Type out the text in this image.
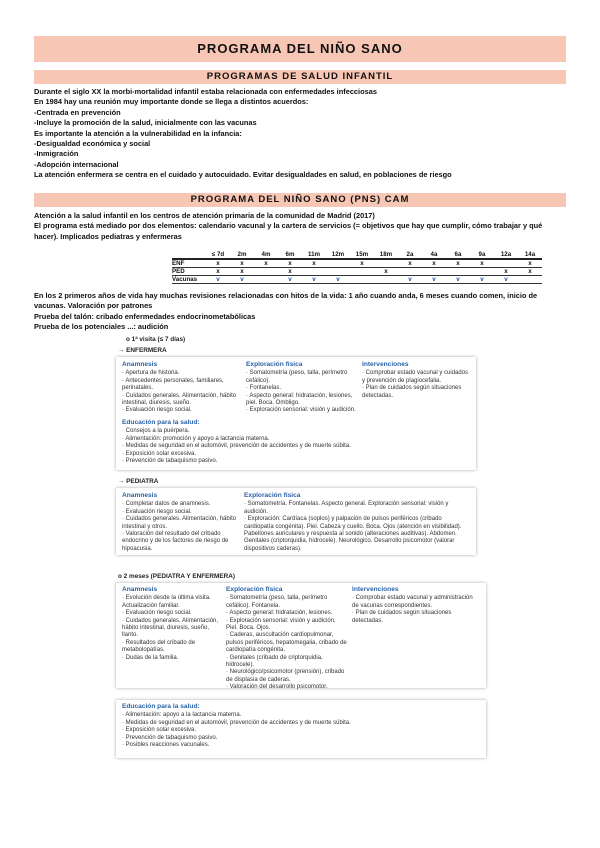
PROGRAMA DEL NIÑO SANO
PROGRAMAS DE SALUD INFANTIL

Durante el siglo XX la morbi-mortalidad infantil estaba relacionada con enfermedades infecciosas

En 1984 hay una reunión muy importante donde se llega a distintos acuerdos:

-Centrada en prevención

-Incluye la promoción de la salud, inicialmente con las vacunas

Es importante la atención a la vulnerabilidad en la infancia:

-Desigualdad económica y social

-Inmigración

-Adopción internacional

La atención enfermera se centra en el cuidado y autocuidado. Evitar desigualdades en salud, en poblaciones de riesgo

PROGRAMA DEL NIÑO SANO (PNS) CAM

Atención a la salud infantil en los centros de atención primaria de la comunidad de Madrid (2017)

El programa está mediado por dos elementos: calendario vacunal y la cartera de servicios (= objetivos que hay que cumplir, cómo trabajar y qué hacer). Implicados pediatras y enfermeras

	≤ 7d	2m	4m	6m	11m	12m	15m	18m	2a	4a	6a	9a	12a	14a
ENF	x	x	x	x	x		x		x	x	x	x		x
PED	x	x		x				x					x	x
Vacunas	v	v		v	v	v			v	v	v	v	v	

En los 2 primeros años de vida hay muchas revisiones relacionadas con hitos de la vida: 1 año cuando anda, 6 meses cuando comen, inicio de vacunas. Valoración por patrones

Prueba del talón: cribado enfermedades endocrinometabólicas

Prueba de los potenciales ...: audición

o 1ª visita (≤ 7 días)
→ ENFERMERA
Anamnesis
· Apertura de historia.
· Antecedentes personales, familiares, perinatales.
· Cuidados generales. Alimentación, hábito intestinal, diuresis, sueño.
· Evaluación riesgo social.
Exploración física
· Somatometría (peso, talla, perímetro cefálico).
· Fontanelas.
· Aspecto general: hidratación, lesiones, piel. Boca. Ombligo.
· Exploración sensorial: visión y audición.
Intervenciones
· Comprobar estado vacunal y cuidados y prevención de plagiocefalia.
· Plan de cuidados según situaciones detectadas.
Educación para la salud:
· Consejos a la puérpera.
· Alimentación: promoción y apoyo a lactancia materna.
· Medidas de seguridad en el automóvil, prevención de accidentes y de muerte súbita.
· Exposición solar excesiva.
· Prevención de tabaquismo pasivo.
→ PEDIATRA
Anamnesis
· Completar datos de anamnesis.
· Evaluación riesgo social.
· Cuidados generales. Alimentación, hábito intestinal y otros.
· Valoración del resultado del cribado endocrino y de los factores de riesgo de hipoacusia.
Exploración física
· Somatometría. Fontanelas. Aspecto general. Exploración sensorial: visión y audición.
· Exploración: Cardíaca (soplos) y palpación de pulsos periféricos (cribado cardiopatía congénita). Piel. Cabeza y cuello. Boca. Ojos (atención en visibilidad). Pabellones auriculares y respuesta al sonido (alteraciones auditivas). Abdomen. Genitales (criptorquidia, hidrocele). Neurológico. Desarrollo psicomotor (valorar dispositivos caderas).
o 2 meses (PEDIATRA Y ENFERMERA)
Anamnesis
· Evolución desde la última visita. Actualización familiar.
· Evaluación riesgo social.
· Cuidados generales. Alimentación, hábito intestinal, diuresis, sueño, llanto.
· Resultados del cribado de metabolopatías.
· Dudas de la familia.
Exploración física
· Somatometría (peso, talla, perímetro cefálico). Fontanela.
· Aspecto general: hidratación, lesiones.
· Exploración sensorial: visión y audición. Piel. Boca. Ojos.
· Caderas, auscultación cardiopulmonar, pulsos periféricos, hepatomegalia, cribado de cardiopatía congénita.
· Genitales (cribado de criptorquidia, hidrocele).
· Neurológico/psicomotor (prensión), cribado de displasia de caderas.
· Valoración del desarrollo psicomotor.
Intervenciones
· Comprobar estado vacunal y administración de vacunas correspondientes.
· Plan de cuidados según situaciones detectadas.
Educación para la salud:
· Alimentación: apoyo a la lactancia materna.
· Medidas de seguridad en el automóvil, prevención de accidentes y de muerte súbita.
· Exposición solar excesiva.
· Prevención de tabaquismo pasivo.
· Posibles reacciones vacunales.
